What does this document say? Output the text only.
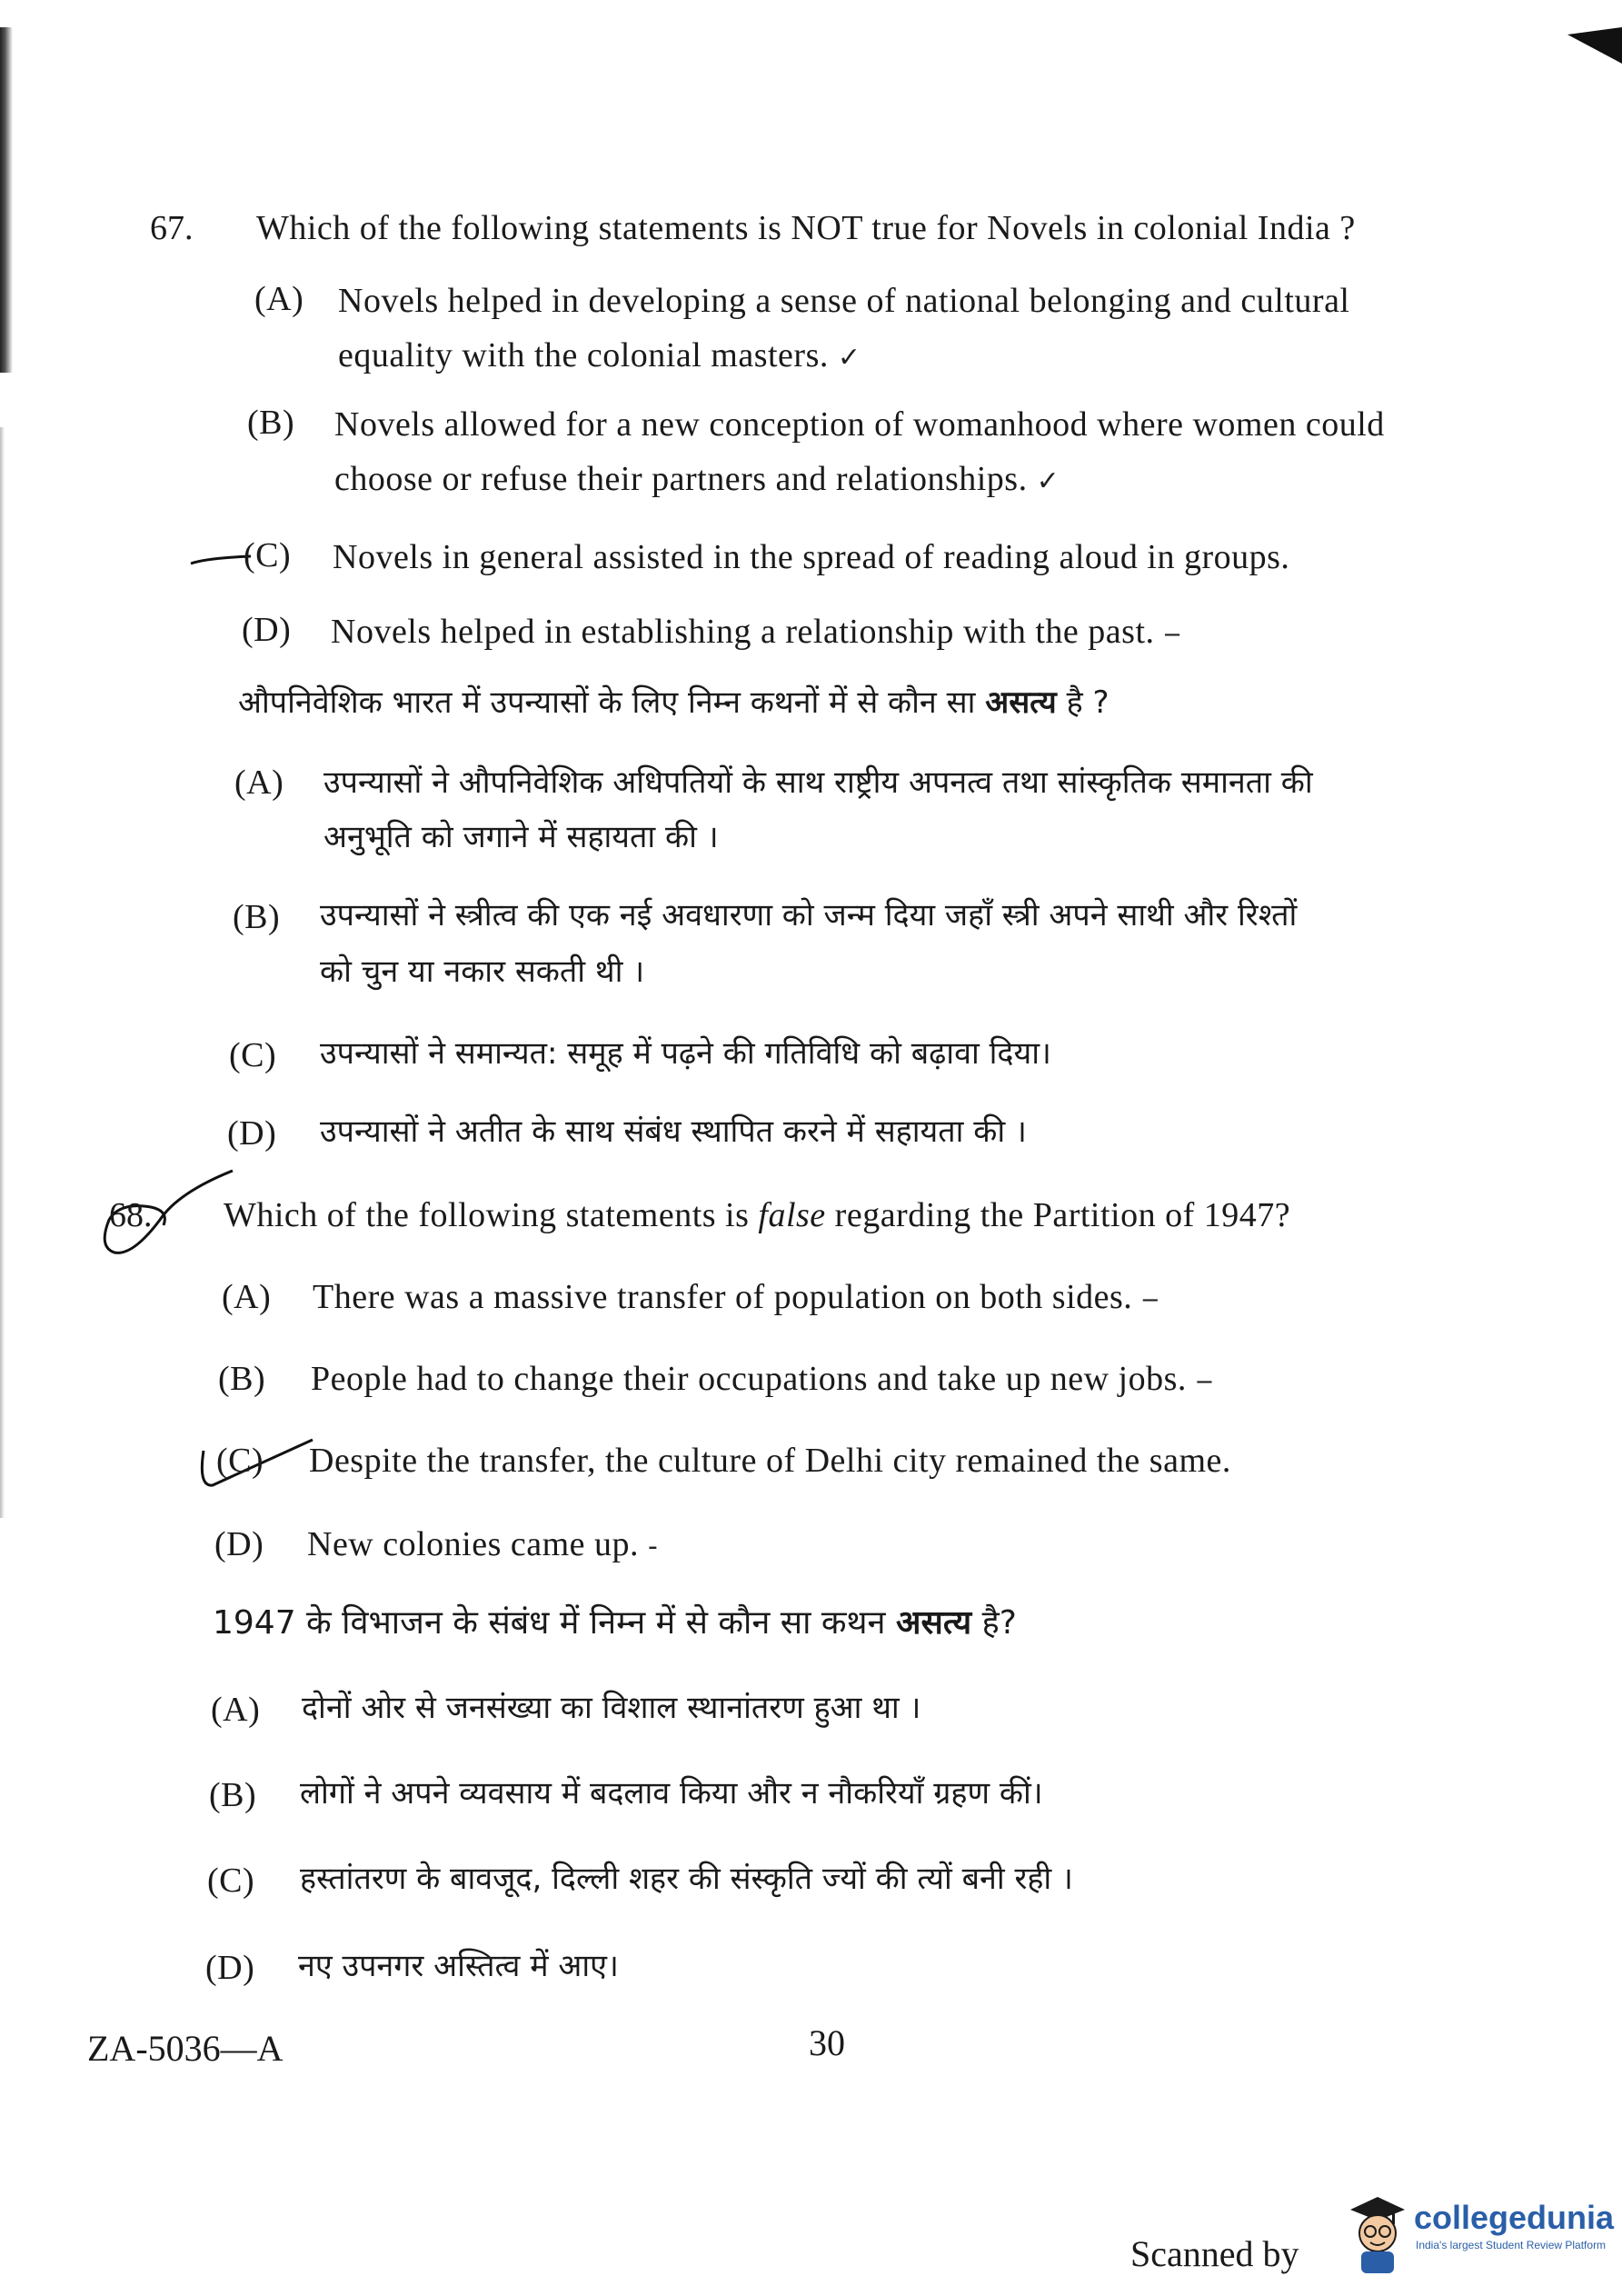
67. Which of the following statements is NOT true for Novels in colonial India ?
(A) Novels helped in developing a sense of national belonging and cultural
equality with the colonial masters. ✓
(B) Novels allowed for a new conception of womanhood where women could
choose or refuse their partners and relationships. ✓
(C) Novels in general assisted in the spread of reading aloud in groups.
(D) Novels helped in establishing a relationship with the past. ‒
औपनिवेशिक भारत में उपन्यासों के लिए निम्न कथनों में से कौन सा असत्य है ?
(A) उपन्यासों ने औपनिवेशिक अधिपतियों के साथ राष्ट्रीय अपनत्व तथा सांस्कृतिक समानता की
अनुभूति को जगाने में सहायता की ।
(B) उपन्यासों ने स्त्रीत्व की एक नई अवधारणा को जन्म दिया जहाँ स्त्री अपने साथी और रिश्तों
को चुन या नकार सकती थी ।
(C) उपन्यासों ने समान्यत: समूह में पढ़ने की गतिविधि को बढ़ावा दिया।
(D) उपन्यासों ने अतीत के साथ संबंध स्थापित करने में सहायता की ।
68. Which of the following statements is false regarding the Partition of 1947?
(A) There was a massive transfer of population on both sides. ‒
(B) People had to change their occupations and take up new jobs. ‒
(C) Despite the transfer, the culture of Delhi city remained the same.
(D) New colonies came up. ‐
1947 के विभाजन के संबंध में निम्न में से कौन सा कथन असत्य है?
(A) दोनों ओर से जनसंख्या का विशाल स्थानांतरण हुआ था ।
(B) लोगों ने अपने व्यवसाय में बदलाव किया और न नौकरियाँ ग्रहण कीं।
(C) हस्तांतरण के बावजूद, दिल्ली शहर की संस्कृति ज्यों की त्यों बनी रही ।
(D) नए उपनगर अस्तित्व में आए।
ZA-5036—A	30
Scanned by
collegedunia
India's largest Student Review Platform
